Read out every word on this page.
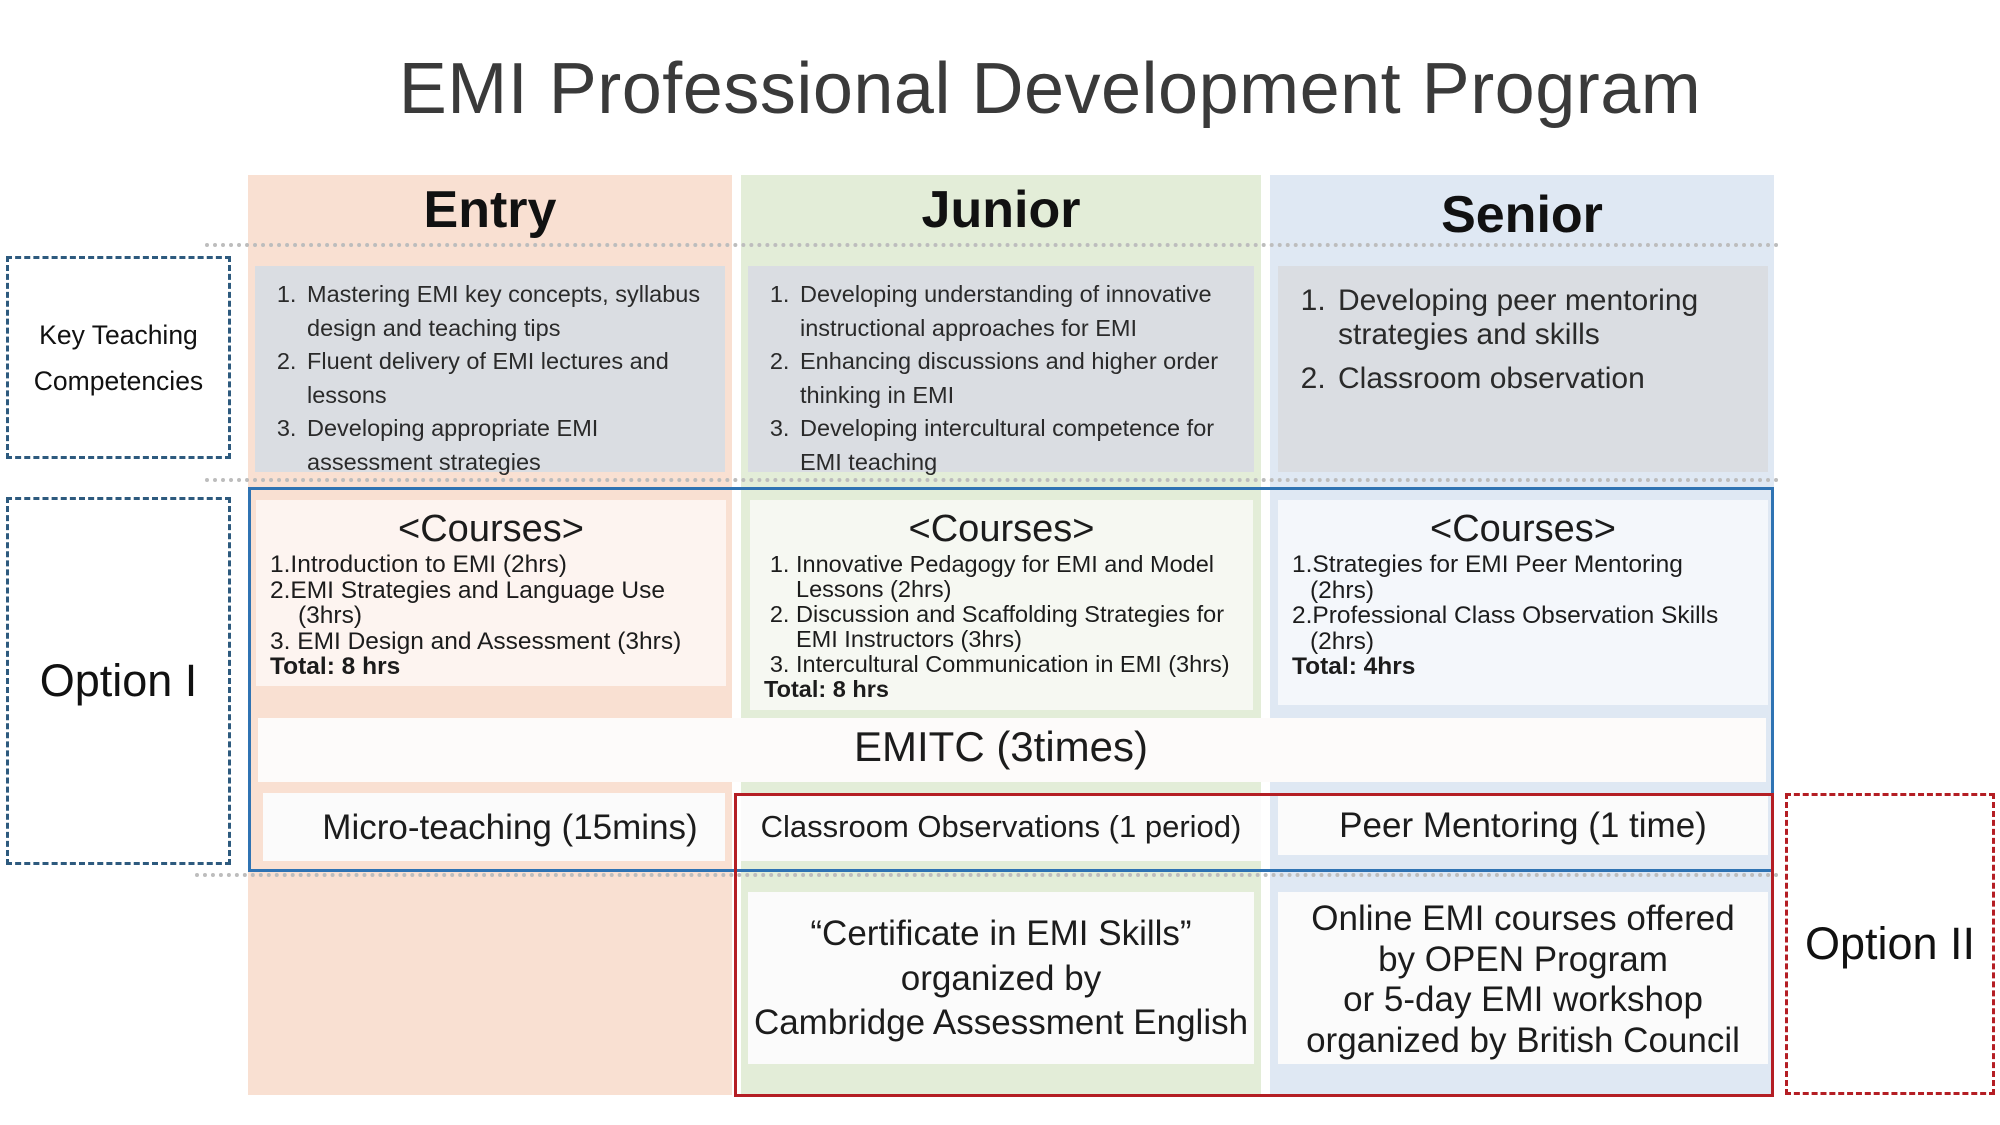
EMI Professional Development Program
Entry	Junior	Senior
1. Mastering EMI key concepts, syllabus design and teaching tips
2. Fluent delivery of EMI lectures and lessons
3. Developing appropriate EMI assessment strategies
1. Developing understanding of innovative instructional approaches for EMI
2. Enhancing discussions and higher order thinking in EMI
3. Developing intercultural competence for EMI teaching
1. Developing peer mentoring strategies and skills
2. Classroom observation
<Courses>
1.Introduction to EMI (2hrs)
2.EMI Strategies and Language Use
(3hrs)
3. EMI Design and Assessment (3hrs)
Total: 8 hrs
<Courses>
1. Innovative Pedagogy for EMI and Model Lessons (2hrs)
2. Discussion and Scaffolding Strategies for EMI Instructors (3hrs)
3. Intercultural Communication in EMI (3hrs)
Total: 8 hrs
<Courses>
1.Strategies for EMI Peer Mentoring
(2hrs)
2.Professional Class Observation Skills
(2hrs)
Total: 4hrs
EMITC (3times)
Micro-teaching (15mins)	Classroom Observations (1 period)	Peer Mentoring (1 time)
“Certificate in EMI Skills”
organized by
Cambridge Assessment English
Online EMI courses offered
by OPEN Program
or 5-day EMI workshop
organized by British Council
Key Teaching
Competencies
Option I
Option II
